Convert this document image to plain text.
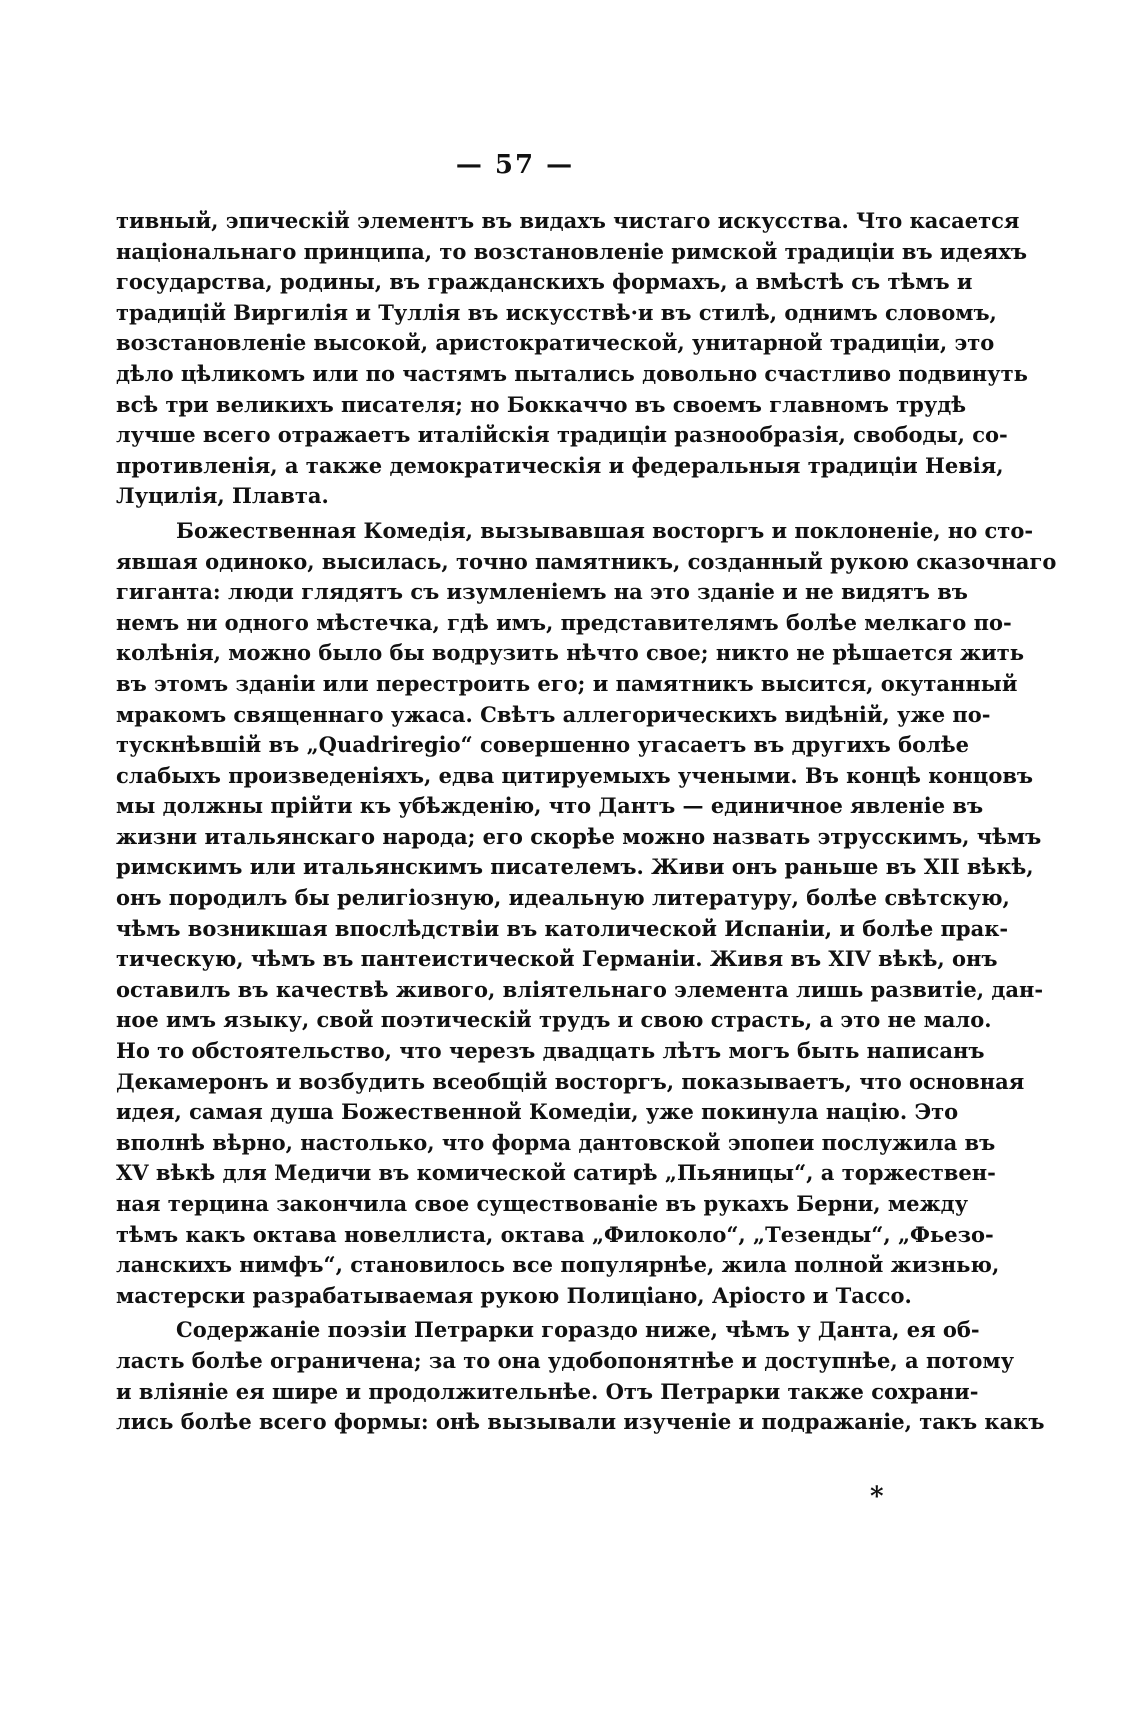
— 57 —
тивный, эпическій элементъ въ видахъ чистаго искусства. Что касается
національнаго принципа, то возстановленіе римской традиціи въ идеяхъ
государства, родины, въ гражданскихъ формахъ, а вмѣстѣ съ тѣмъ и
традицій Виргилія и Туллія въ искусствѣ·и въ стилѣ, однимъ словомъ,
возстановленіе высокой, аристократической, унитарной традиціи, это
дѣло цѣликомъ или по частямъ пытались довольно счастливо подвинуть
всѣ три великихъ писателя; но Боккаччо въ своемъ главномъ трудѣ
лучше всего отражаетъ италійскія традиціи разнообразія, свободы, со-
противленія, а также демократическія и федеральныя традиціи Невія,
Луцилія, Плавта.
Божественная Комедія, вызывавшая восторгъ и поклоненіе, но сто-
явшая одиноко, высилась, точно памятникъ, созданный рукою сказочнаго
гиганта: люди глядятъ съ изумленіемъ на это зданіе и не видятъ въ
немъ ни одного мѣстечка, гдѣ имъ, представителямъ болѣе мелкаго по-
колѣнія, можно было бы водрузить нѣчто свое; никто не рѣшается жить
въ этомъ зданіи или перестроить его; и памятникъ высится, окутанный
мракомъ священнаго ужаса. Свѣтъ аллегорическихъ видѣній, уже по-
тускнѣвшій въ „Quadrіregio“ совершенно угасаетъ въ другихъ болѣе
слабыхъ произведеніяхъ, едва цитируемыхъ учеными. Въ концѣ концовъ
мы должны прійти къ убѣжденію, что Дантъ — единичное явленіе въ
жизни итальянскаго народа; его скорѣе можно назвать этрусскимъ, чѣмъ
римскимъ или итальянскимъ писателемъ. Живи онъ раньше въ XII вѣкѣ,
онъ породилъ бы религіозную, идеальную литературу, болѣе свѣтскую,
чѣмъ возникшая впослѣдствіи въ католической Испаніи, и болѣе прак-
тическую, чѣмъ въ пантеистической Германіи. Живя въ XIV вѣкѣ, онъ
оставилъ въ качествѣ живого, вліятельнаго элемента лишь развитіе, дан-
ное имъ языку, свой поэтическій трудъ и свою страсть, а это не мало.
Но то обстоятельство, что черезъ двадцать лѣтъ могъ быть написанъ
Декамеронъ и возбудить всеобщій восторгъ, показываетъ, что основная
идея, самая душа Божественной Комедіи, уже покинула націю. Это
вполнѣ вѣрно, настолько, что форма дантовской эпопеи послужила въ
XV вѣкѣ для Медичи въ комической сатирѣ „Пьяницы“, а торжествен-
ная терцина закончила свое существованіе въ рукахъ Берни, между
тѣмъ какъ октава новеллиста, октава „Филоколо“, „Тезенды“, „Фьезо-
ланскихъ нимфъ“, становилось все популярнѣе, жила полной жизнью,
мастерски разрабатываемая рукою Полиціано, Аріосто и Тассо.
Содержаніе поэзіи Петрарки гораздо ниже, чѣмъ у Данта, ея об-
ласть болѣе ограничена; за то она удобопонятнѣе и доступнѣе, а потому
и вліяніе ея шире и продолжительнѣе. Отъ Петрарки также сохрани-
лись болѣе всего формы: онѣ вызывали изученіе и подражаніе, такъ какъ
*
